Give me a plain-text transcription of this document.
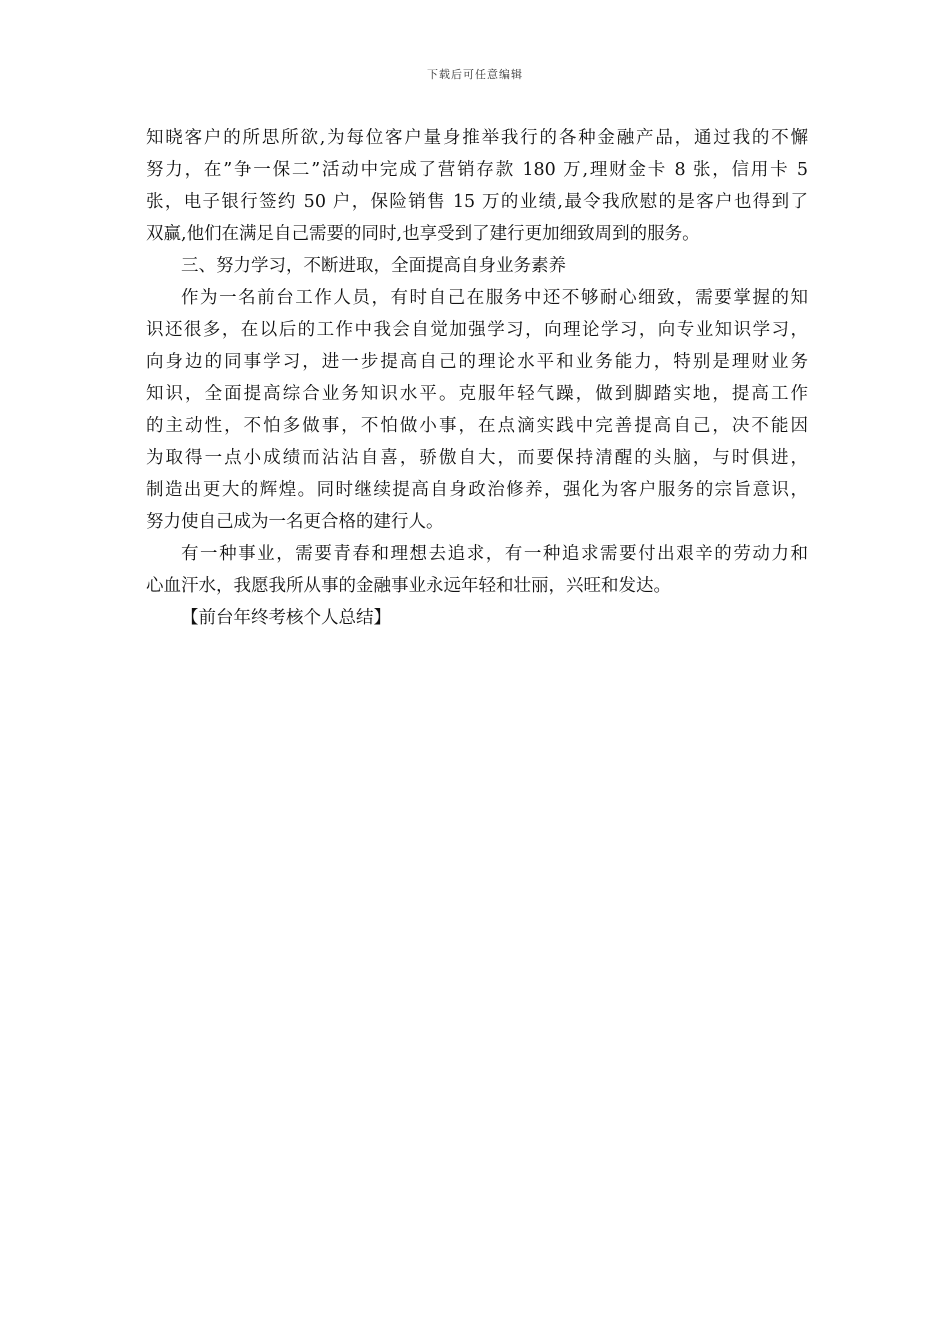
下载后可任意编辑
知晓客户的所思所欲,为每位客户量身推举我行的各种金融产品，通过我的不懈
努力，在”争一保二”活动中完成了营销存款 180 万,理财金卡 8 张，信用卡 5
张，电子银行签约 50 户，保险销售 15 万的业绩,最令我欣慰的是客户也得到了
双赢,他们在满足自己需要的同时,也享受到了建行更加细致周到的服务。
三、努力学习，不断进取，全面提高自身业务素养
作为一名前台工作人员，有时自己在服务中还不够耐心细致，需要掌握的知
识还很多，在以后的工作中我会自觉加强学习，向理论学习，向专业知识学习，
向身边的同事学习，进一步提高自己的理论水平和业务能力，特别是理财业务
知识，全面提高综合业务知识水平。克服年轻气躁，做到脚踏实地，提高工作
的主动性，不怕多做事，不怕做小事，在点滴实践中完善提高自己，决不能因
为取得一点小成绩而沾沾自喜，骄傲自大，而要保持清醒的头脑，与时俱进，
制造出更大的辉煌。同时继续提高自身政治修养，强化为客户服务的宗旨意识，
努力使自己成为一名更合格的建行人。
有一种事业，需要青春和理想去追求，有一种追求需要付出艰辛的劳动力和
心血汗水，我愿我所从事的金融事业永远年轻和壮丽，兴旺和发达。
【前台年终考核个人总结】
